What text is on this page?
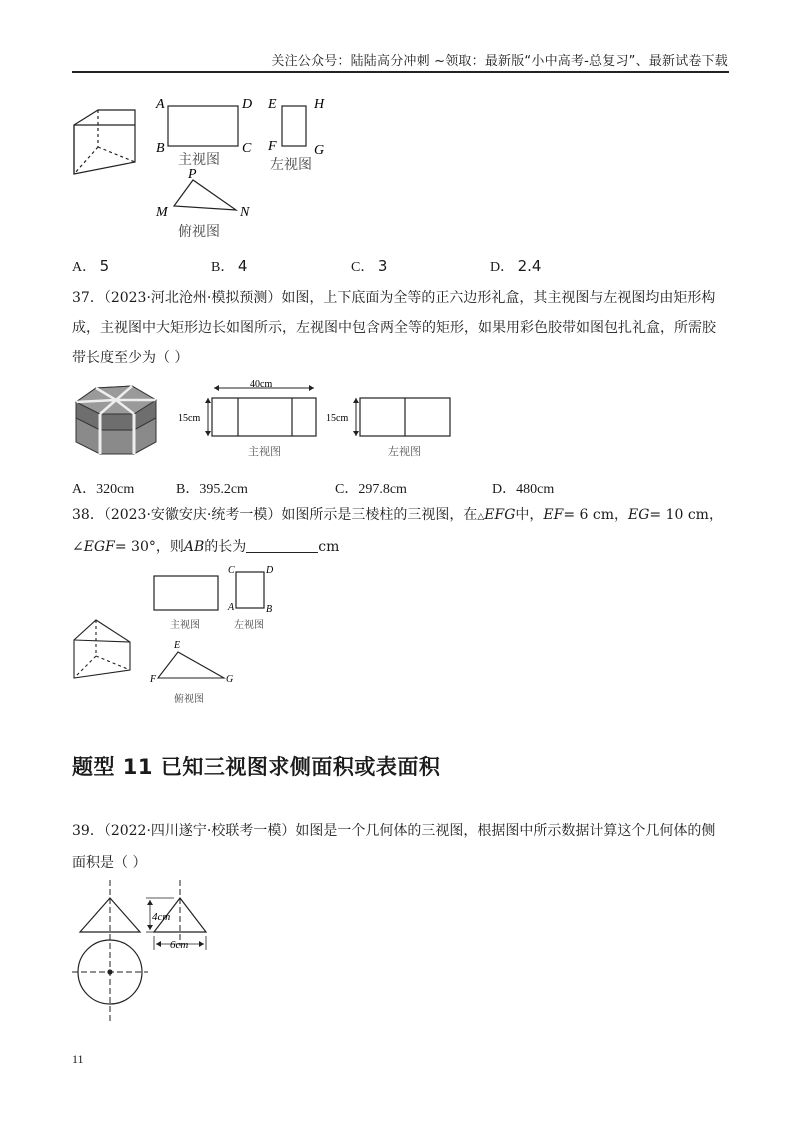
关注公众号：陆陆高分冲刺 ~领取：最新版“小中高考-总复习”、最新试卷下载
A	D
B	C
主视图
E	H
F	G
左视图
P
M	N
俯视图
A． 5	B． 4	C． 3	D． 2.4

37．（2023·河北沧州·模拟预测）如图，上下底面为全等的正六边形礼盒，其主视图与左视图均由矩形构

成，主视图中大矩形边长如图所示，左视图中包含两全等的矩形，如果用彩色胶带如图包扎礼盒，所需胶

带长度至少为（ ）

40cm
15cm
主视图
15cm
左视图
A．320cm	B．395.2cm	C．297.8cm	D．480cm

38．（2023·安徽安庆·统考一模）如图所示是三棱柱的三视图，在△EFG中，EF= 6 cm，EG= 10 cm，

∠EGF= 30°，则AB的长为	cm

主视图
C	D
A	B
左视图
E
F	G
俯视图
题型 11 已知三视图求侧面积或表面积

39．（2022·四川遂宁·校联考一模）如图是一个几何体的三视图，根据图中所示数据计算这个几何体的侧

面积是（ ）

4cm
6cm
11
